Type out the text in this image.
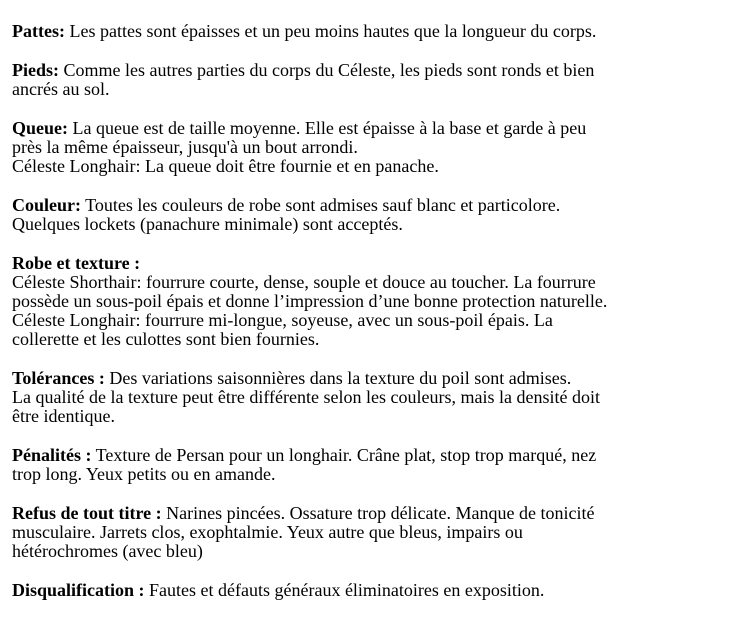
Pattes: Les pattes sont épaisses et un peu moins hautes que la longueur du corps.

Pieds: Comme les autres parties du corps du Céleste, les pieds sont ronds et bien
ancrés au sol.

Queue: La queue est de taille moyenne. Elle est épaisse à la base et garde à peu
près la même épaisseur, jusqu'à un bout arrondi.
Céleste Longhair: La queue doit être fournie et en panache.

Couleur: Toutes les couleurs de robe sont admises sauf blanc et particolore.
Quelques lockets (panachure minimale) sont acceptés.

Robe et texture :
Céleste Shorthair: fourrure courte, dense, souple et douce au toucher. La fourrure
possède un sous-poil épais et donne l’impression d’une bonne protection naturelle.
Céleste Longhair: fourrure mi-longue, soyeuse, avec un sous-poil épais. La
collerette et les culottes sont bien fournies.

Tolérances : Des variations saisonnières dans la texture du poil sont admises.
La qualité de la texture peut être différente selon les couleurs, mais la densité doit
être identique.

Pénalités : Texture de Persan pour un longhair. Crâne plat, stop trop marqué, nez
trop long. Yeux petits ou en amande.

Refus de tout titre : Narines pincées. Ossature trop délicate. Manque de tonicité
musculaire. Jarrets clos, exophtalmie. Yeux autre que bleus, impairs ou
hétérochromes (avec bleu)

Disqualification : Fautes et défauts généraux éliminatoires en exposition.
